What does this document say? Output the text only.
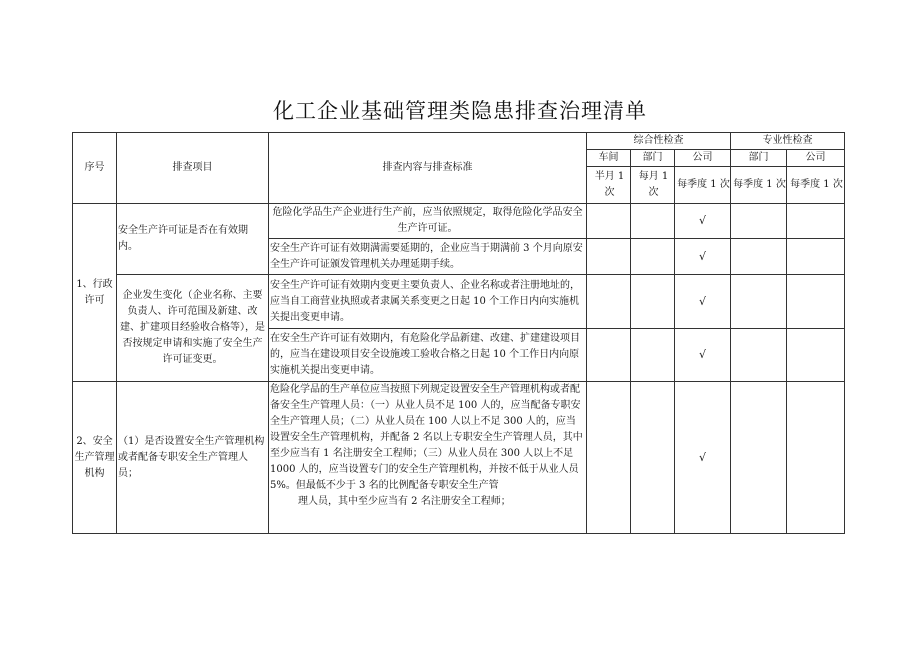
化工企业基础管理类隐患排查治理清单
序号	排查项目	排查内容与排查标准	综合性检查			专业性检查	
			车间	部门	公司	部门	公司
			半月 1 次	每月 1 次	每季度 1 次	每季度 1 次	每季度 1 次
1、行政许可	安全生产许可证是否在有效期内。	危险化学品生产企业进行生产前，应当依照规定，取得危险化学品安全生产许可证。			√		
		安全生产许可证有效期满需要延期的，企业应当于期满前 3 个月向原安全生产许可证颁发管理机关办理延期手续。			√		
	企业发生变化（企业名称、主要负责人、许可范围及新建、改建、扩建项目经验收合格等），是否按规定申请和实施了安全生产许可证变更。	安全生产许可证有效期内变更主要负责人、企业名称或者注册地址的，应当自工商营业执照或者隶属关系变更之日起 10 个工作日内向实施机关提出变更申请。			√		
		在安全生产许可证有效期内，有危险化学品新建、改建、扩建建设项目的，应当在建设项目安全设施竣工验收合格之日起 10 个工作日内向原实施机关提出变更申请。			√		
2、安全生产管理机构	（1）是否设置安全生产管理机构或者配备专职安全生产管理人员；	危险化学品的生产单位应当按照下列规定设置安全生产管理机构或者配备安全生产管理人员：（一）从业人员不足 100 人的，应当配备专职安全生产管理人员；（二）从业人员在 100 人以上不足 300 人的，应当设置安全生产管理机构，并配备 2 名以上专职安全生产管理人员，其中至少应当有 1 名注册安全工程师；（三）从业人员在 300 人以上不足 1000 人的，应当设置专门的安全生产管理机构，并按不低于从业人员 5%。但最低不少于 3 名的比例配备专职安全生产管
理人员，其中至少应当有 2 名注册安全工程师；			√		
